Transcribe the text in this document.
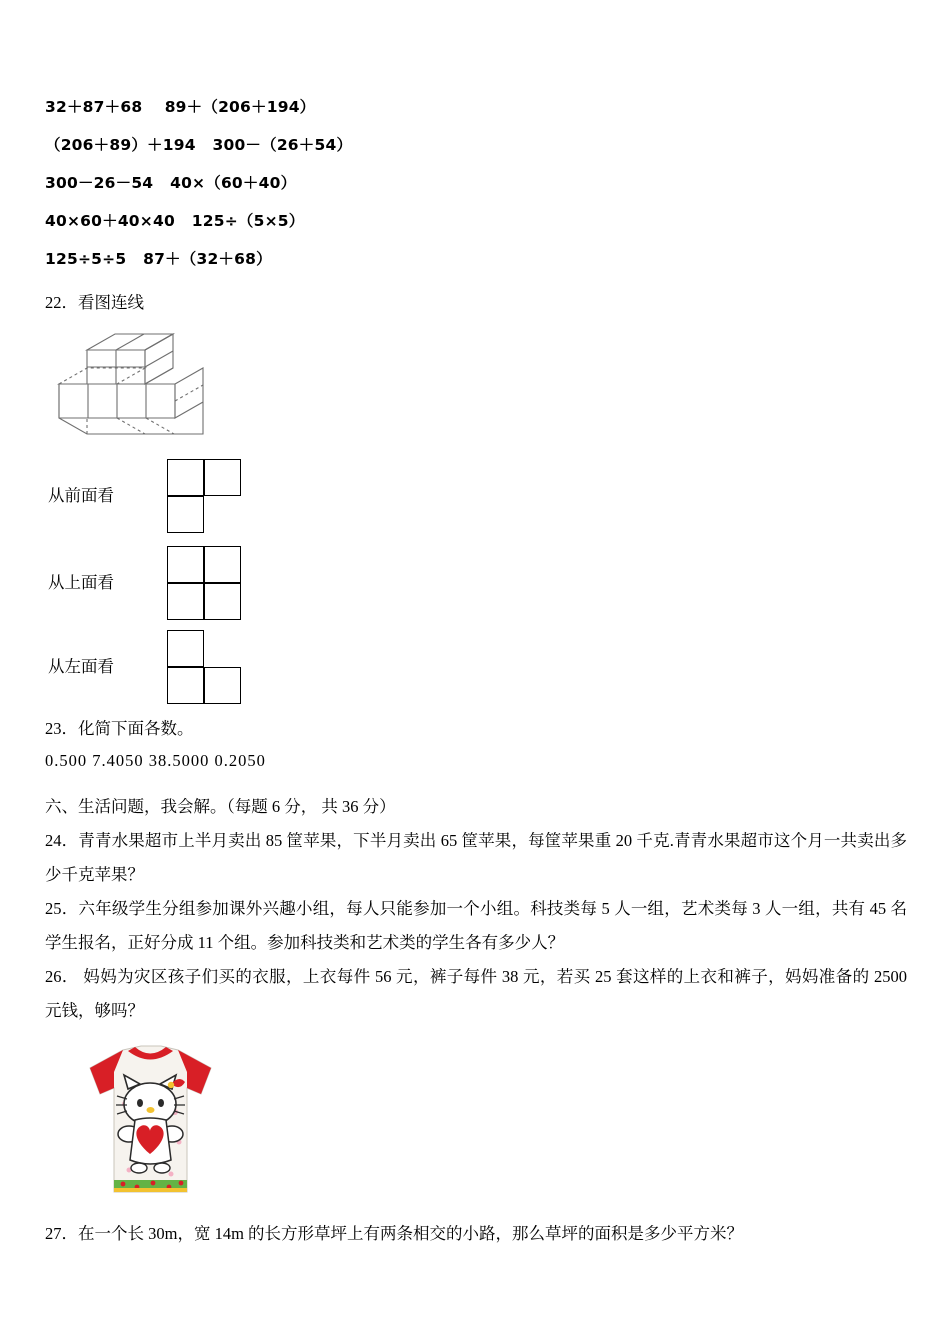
32＋87＋68    89＋（206＋194）
（206＋89）＋194   300－（26＋54）
300－26－54   40×（60＋40）
40×60＋40×40   125÷（5×5）
125÷5÷5   87＋（32＋68）
22．看图连线
从前面看
从上面看
从左面看
23．化简下面各数。
0.500 7.4050 38.5000 0.2050
六、生活问题，我会解。（每题 6 分， 共 36 分）
24．青青水果超市上半月卖出 85 筐苹果，下半月卖出 65 筐苹果，每筐苹果重 20 千克.青青水果超市这个月一共卖出多少千克苹果？
25．六年级学生分组参加课外兴趣小组，每人只能参加一个小组。科技类每 5 人一组，艺术类每 3 人一组，共有 45 名学生报名，正好分成 11 个组。参加科技类和艺术类的学生各有多少人？
26． 妈妈为灾区孩子们买的衣服，上衣每件 56 元，裤子每件 38 元，若买 25 套这样的上衣和裤子，妈妈准备的 2500 元钱，够吗？
27．在一个长 30m，宽 14m 的长方形草坪上有两条相交的小路，那么草坪的面积是多少平方米？
